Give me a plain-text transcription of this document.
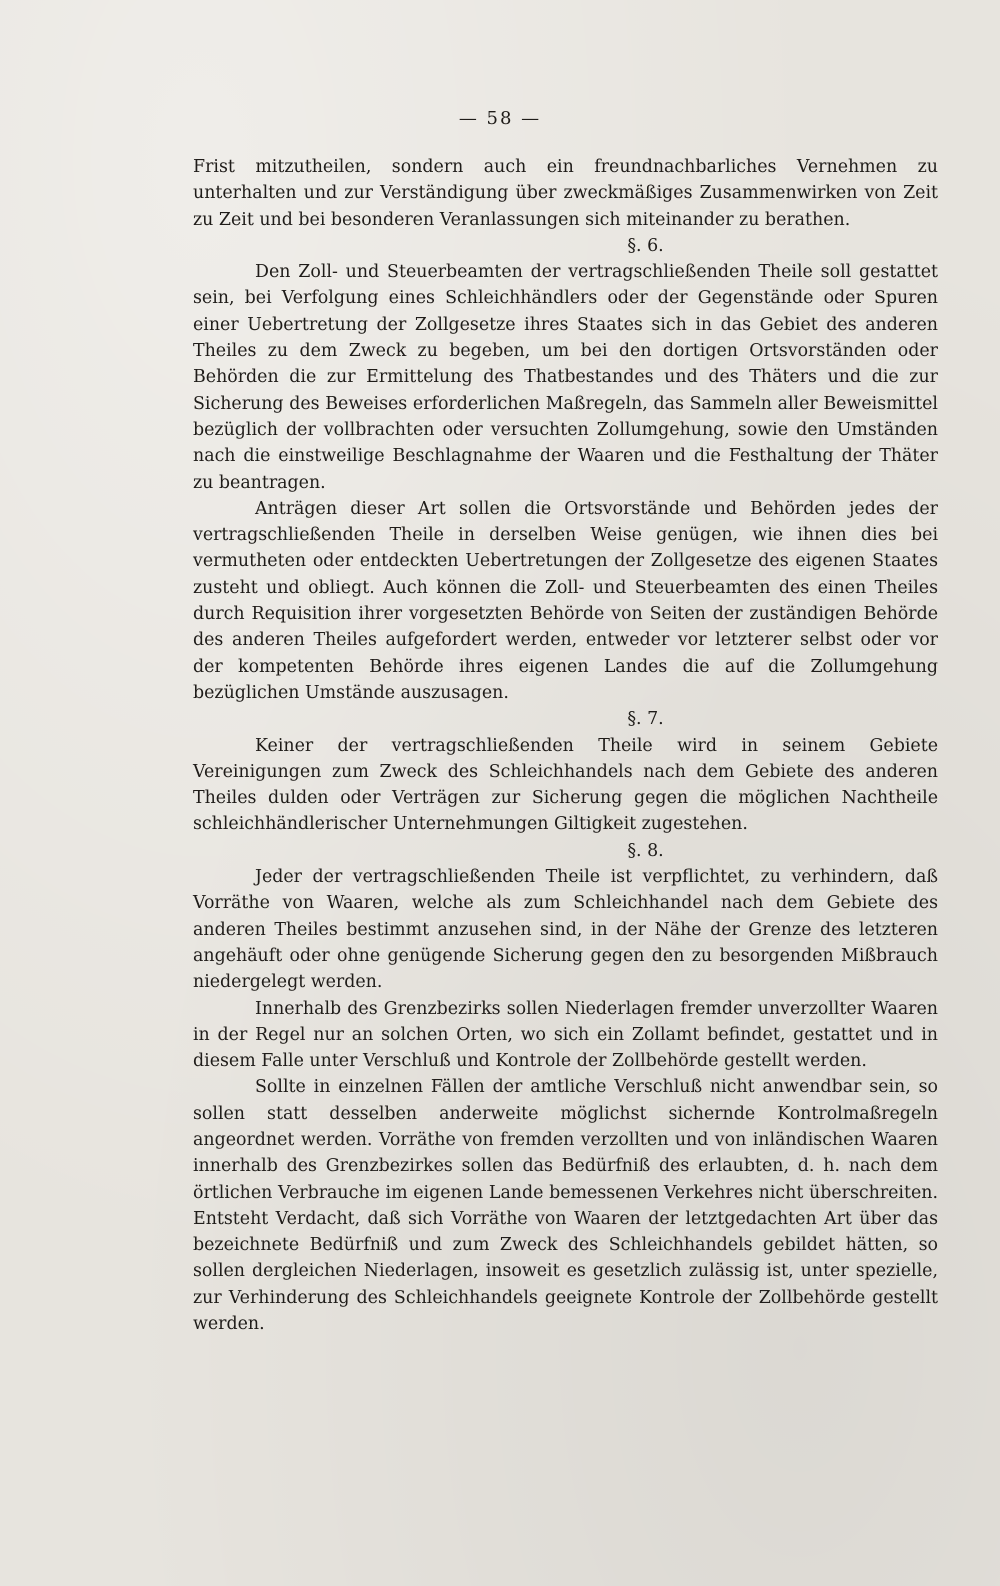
— 58 —

Frist mitzutheilen, sondern auch ein freundnachbarliches Vernehmen zu unterhalten und zur Verständigung über zweckmäßiges Zusammenwirken von Zeit zu Zeit und bei besonderen Veranlassungen sich miteinander zu berathen.

§. 6.

Den Zoll- und Steuerbeamten der vertragschließenden Theile soll gestattet sein, bei Verfolgung eines Schleichhändlers oder der Gegenstände oder Spuren einer Uebertretung der Zollgesetze ihres Staates sich in das Gebiet des anderen Theiles zu dem Zweck zu begeben, um bei den dortigen Ortsvorständen oder Behörden die zur Ermittelung des Thatbestandes und des Thäters und die zur Sicherung des Beweises erforderlichen Maßregeln, das Sammeln aller Beweismittel bezüglich der vollbrachten oder versuchten Zollumgehung, sowie den Umständen nach die einstweilige Beschlagnahme der Waaren und die Festhaltung der Thäter zu beantragen.

Anträgen dieser Art sollen die Ortsvorstände und Behörden jedes der vertragschließenden Theile in derselben Weise genügen, wie ihnen dies bei vermutheten oder entdeckten Uebertretungen der Zollgesetze des eigenen Staates zusteht und obliegt. Auch können die Zoll- und Steuerbeamten des einen Theiles durch Requisition ihrer vorgesetzten Behörde von Seiten der zuständigen Behörde des anderen Theiles aufgefordert werden, entweder vor letzterer selbst oder vor der kompetenten Behörde ihres eigenen Landes die auf die Zollumgehung bezüglichen Umstände auszusagen.

§. 7.

Keiner der vertragschließenden Theile wird in seinem Gebiete Vereinigungen zum Zweck des Schleichhandels nach dem Gebiete des anderen Theiles dulden oder Verträgen zur Sicherung gegen die möglichen Nachtheile schleichhändlerischer Unternehmungen Giltigkeit zugestehen.

§. 8.

Jeder der vertragschließenden Theile ist verpflichtet, zu verhindern, daß Vorräthe von Waaren, welche als zum Schleichhandel nach dem Gebiete des anderen Theiles bestimmt anzusehen sind, in der Nähe der Grenze des letzteren angehäuft oder ohne genügende Sicherung gegen den zu besorgenden Mißbrauch niedergelegt werden.

Innerhalb des Grenzbezirks sollen Niederlagen fremder unverzollter Waaren in der Regel nur an solchen Orten, wo sich ein Zollamt befindet, gestattet und in diesem Falle unter Verschluß und Kontrole der Zollbehörde gestellt werden.

Sollte in einzelnen Fällen der amtliche Verschluß nicht anwendbar sein, so sollen statt desselben anderweite möglichst sichernde Kontrolmaßregeln angeordnet werden. Vorräthe von fremden verzollten und von inländischen Waaren innerhalb des Grenzbezirkes sollen das Bedürfniß des erlaubten, d. h. nach dem örtlichen Verbrauche im eigenen Lande bemessenen Verkehres nicht überschreiten. Entsteht Verdacht, daß sich Vorräthe von Waaren der letztgedachten Art über das bezeichnete Bedürfniß und zum Zweck des Schleichhandels gebildet hätten, so sollen dergleichen Niederlagen, insoweit es gesetzlich zulässig ist, unter spezielle, zur Verhinderung des Schleichhandels geeignete Kontrole der Zollbehörde gestellt werden.
